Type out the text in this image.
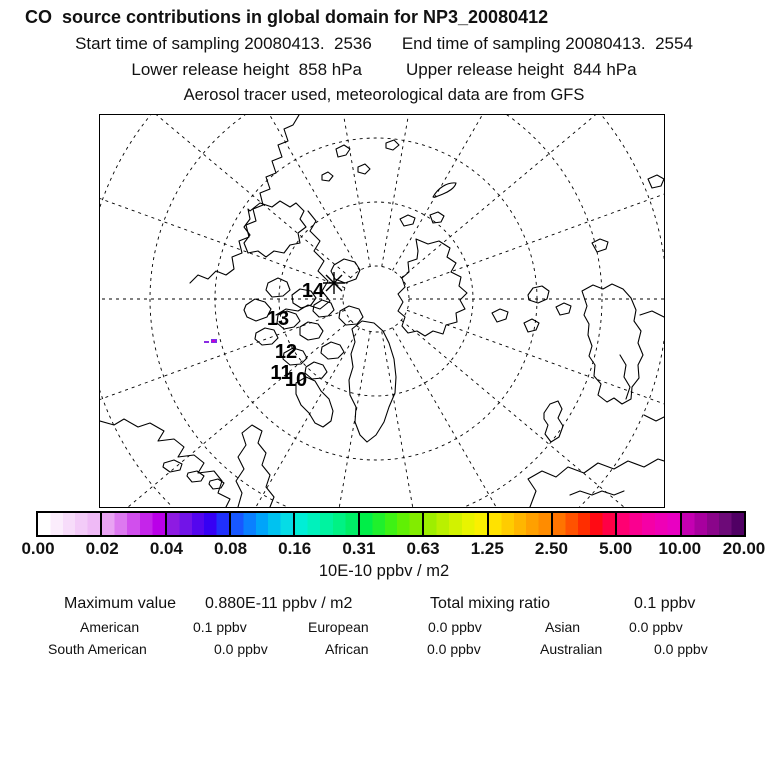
CO  source contributions in global domain for NP3_20080412
Start time of sampling 20080413.  2536 End time of sampling 20080413.  2554
Lower release height  858 hPa	Upper release height  844 hPa
Aerosol tracer used, meteorological data are from GFS
14
13
12
11
10
0.00 0.02 0.04 0.08 0.16 0.31 0.63 1.25 2.50 5.00 10.00 20.00
10E-10 ppbv / m2
Maximum value 0.880E-11 ppbv / m2	Total mixing ratio	0.1 ppbv
American	0.1 ppbv	European	0.0 ppbv	Asian	0.0 ppbv
South American	0.0 ppbv	African	0.0 ppbv	Australian	0.0 ppbv
